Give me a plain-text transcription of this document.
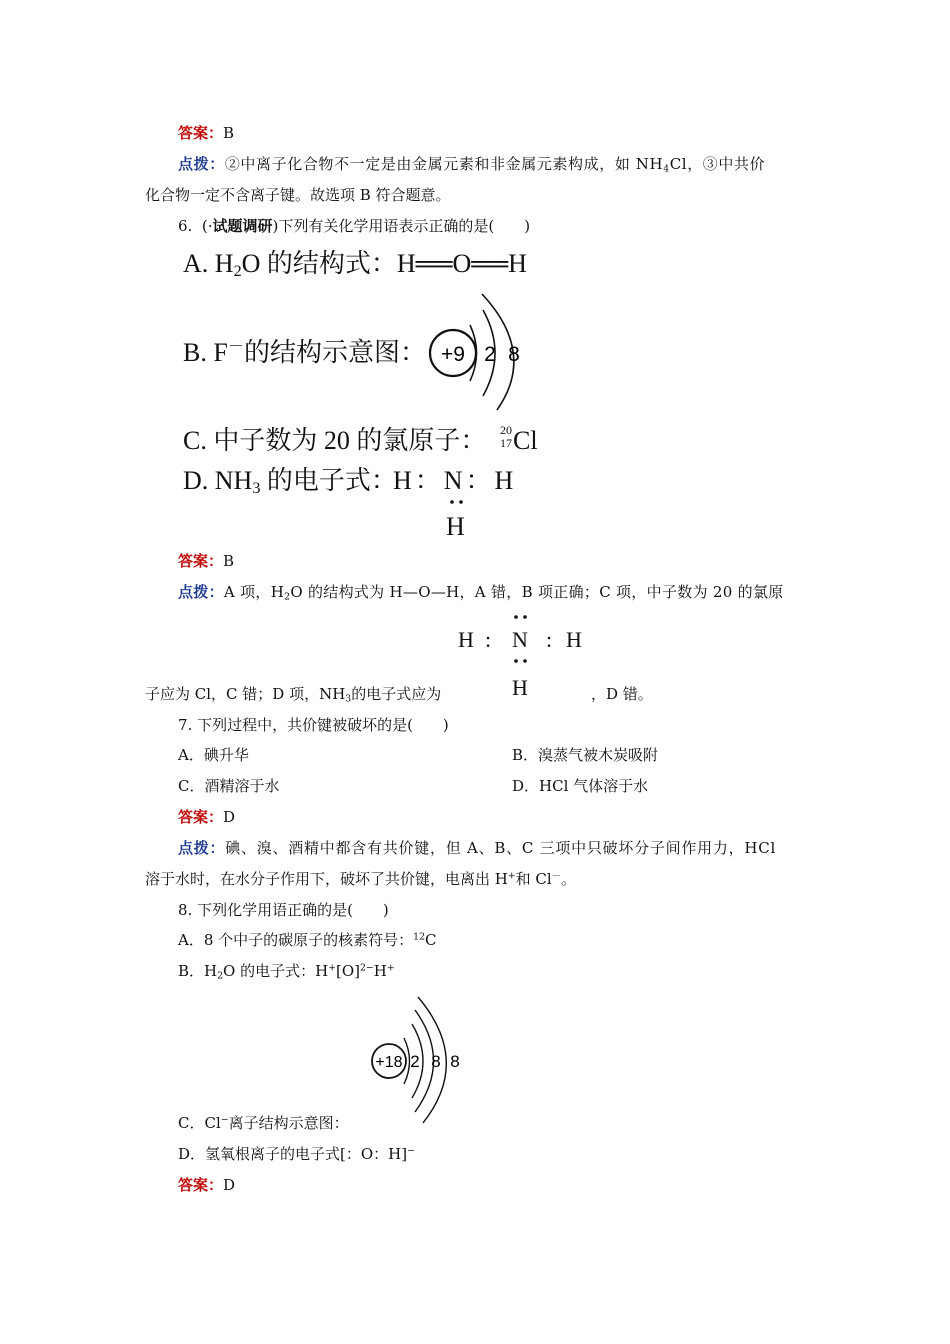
答案：B
点拨：②中离子化合物不一定是由金属元素和非金属元素构成，如 $NH_4Cl$，③中共价
化合物一定不含离子键。故选项 B 符合题意。
6. (·试题调研)下列有关化学用语表示正确的是(　　)
A. $H_2O$ 的结构式：H══O══H
B. F－的结构示意图： +9 2 8
C. 中子数为 20 的氯原子：	20
17 Cl
D. $NH_3$ 的电子式：
H：N：H
H
答案：B
点拨：A 项，$H_2O$ 的结构式为 H—O—H，A 错，B 项正确；C 项，中子数为 20 的氯原
H : N : H
H
子应为 Cl，C 错；D 项，$NH_3$的电子式应为	，D 错。
7. 下列过程中，共价键被破坏的是(　　)
A．碘升华	B．溴蒸气被木炭吸附
C．酒精溶于水	D．HCl 气体溶于水
答案：D
点拨：碘、溴、酒精中都含有共价键，但 A、B、C 三项中只破坏分子间作用力，HCl
溶于水时，在水分子作用下，破坏了共价键，电离出 H+和 Cl－。
8. 下列化学用语正确的是(　　)
A．8 个中子的碳原子的核素符号：$^{12}$C
B．$H_2O$ 的电子式：$H^+[O]^{2-}H^+$
+18 2 8 8
C．Cl−离子结构示意图：
D．氢氧根离子的电子式[：O：H]−
答案：D
